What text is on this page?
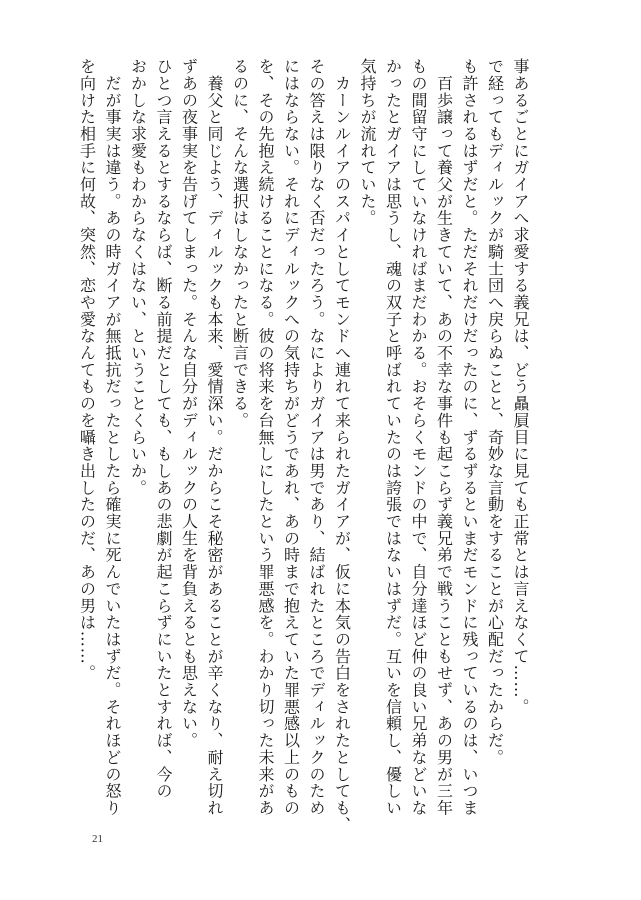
事あるごとにガイアへ求愛する義兄は、どう贔屓目に見ても正常とは言えなくて……。

で経ってもディルックが騎士団へ戻らぬことと、奇妙な言動をすることが心配だったからだ。

も許されるはずだと。ただそれだけだったのに、ずるずるといまだモンドに残っているのは、いつま

　百歩譲って養父が生きていて、あの不幸な事件も起こらず義兄弟で戦うこともせず、あの男が三年

もの間留守にしていなければまだわかる。おそらくモンドの中で、自分達ほど仲の良い兄弟などいな

かったとガイアは思うし、魂の双子と呼ばれていたのは誇張ではないはずだ。互いを信頼し、優しい

気持ちが流れていた。

　カーンルイアのスパイとしてモンドへ連れて来られたガイアが、仮に本気の告白をされたとしても、

その答えは限りなく否だったろう。なによりガイアは男であり、結ばれたところでディルックのため

にはならない。それにディルックへの気持ちがどうであれ、あの時まで抱えていた罪悪感以上のもの

を、その先抱え続けることになる。彼の将来を台無しにしたという罪悪感を。わかり切った未来があ

るのに、そんな選択はしなかったと断言できる。

　養父と同じよう、ディルックも本来、愛情深い。だからこそ秘密があることが辛くなり、耐え切れ

ずあの夜事実を告げてしまった。そんな自分がディルックの人生を背負えるとも思えない。

ひとつ言えるとするならば、断る前提だとしても、もしあの悲劇が起こらずにいたとすれば、今の

おかしな求愛もわからなくはない、ということくらいか。

　だが事実は違う。あの時ガイアが無抵抗だったとしたら確実に死んでいたはずだ。それほどの怒り

を向けた相手に何故、突然、恋や愛なんてものを囁き出したのだ、あの男は……。

21
